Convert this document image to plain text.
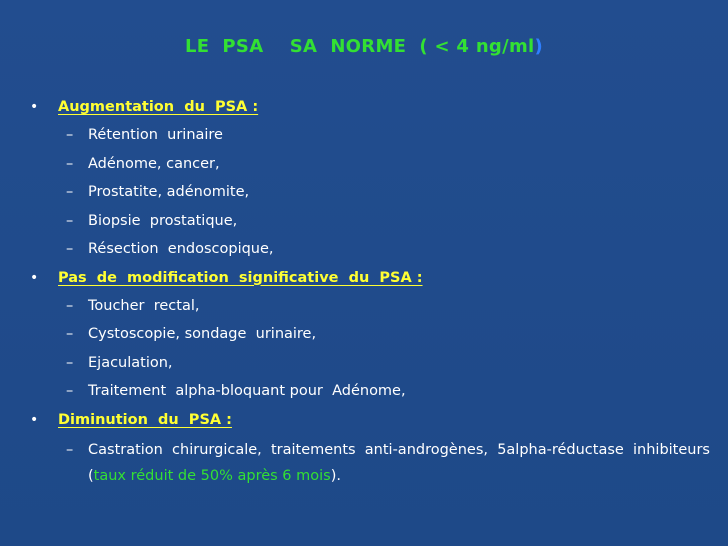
LE  PSA    SA  NORME  ( < 4 ng/ml)
• Augmentation  du  PSA :
– Rétention  urinaire
– Adénome, cancer,
– Prostatite, adénomite,
– Biopsie  prostatique,
– Résection  endoscopique,
• Pas  de  modification  significative  du  PSA :
– Toucher  rectal,
– Cystoscopie, sondage  urinaire,
– Ejaculation,
– Traitement  alpha-bloquant pour  Adénome,
• Diminution  du  PSA :
– Castration chirurgicale, traitements anti-androgènes, 5alpha-réductase inhibiteurs (taux réduit de 50% après 6 mois).
